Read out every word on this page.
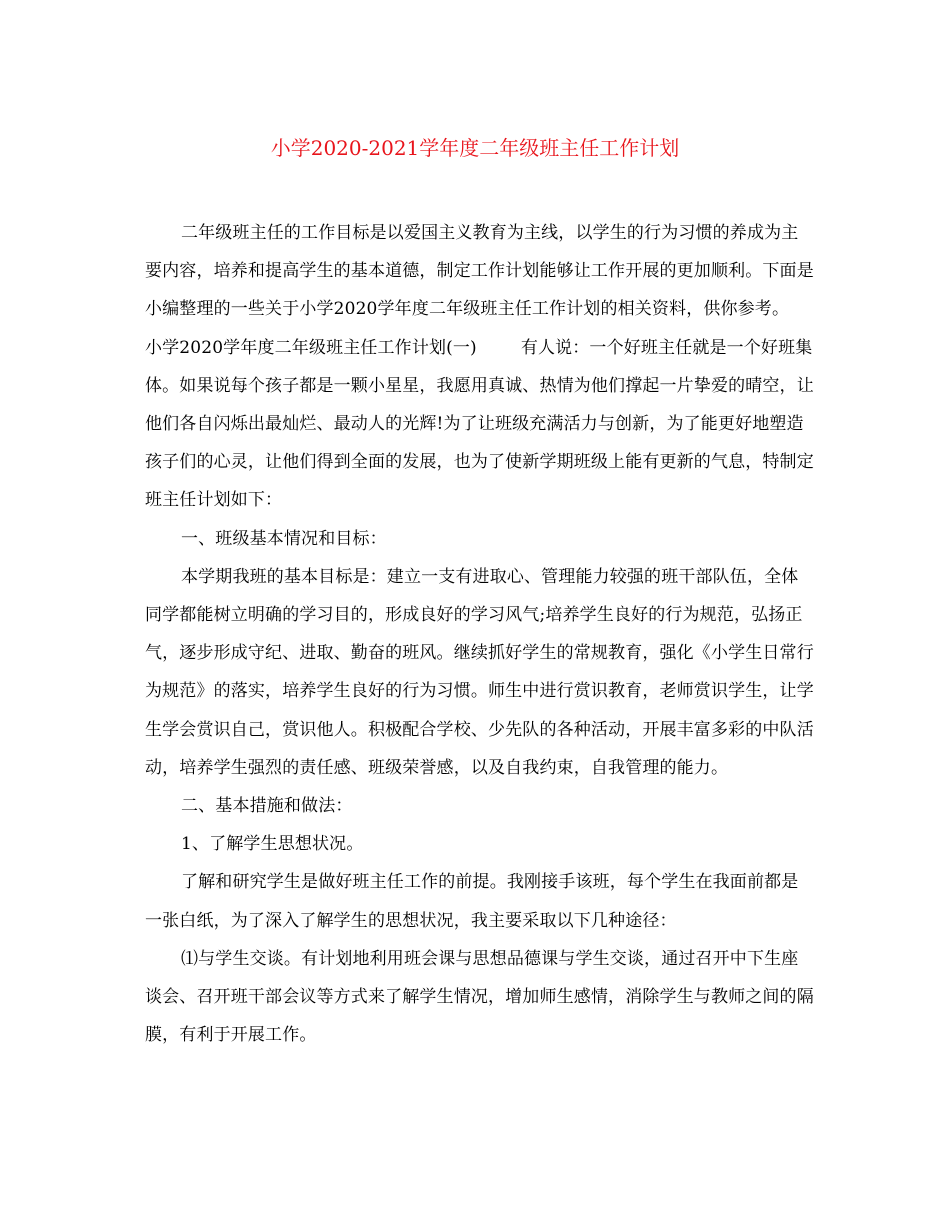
小学2020-2021学年度二年级班主任工作计划

二年级班主任的工作目标是以爱国主义教育为主线，以学生的行为习惯的养成为主要内容，培养和提高学生的基本道德，制定工作计划能够让工作开展的更加顺利。下面是小编整理的一些关于小学2020学年度二年级班主任工作计划的相关资料，供你参考。

小学2020学年度二年级班主任工作计划(一)	有人说：一个好班主任就是一个好班集体。如果说每个孩子都是一颗小星星，我愿用真诚、热情为他们撑起一片挚爱的晴空，让他们各自闪烁出最灿烂、最动人的光辉!为了让班级充满活力与创新，为了能更好地塑造孩子们的心灵，让他们得到全面的发展，也为了使新学期班级上能有更新的气息，特制定班主任计划如下：

一、班级基本情况和目标：

本学期我班的基本目标是：建立一支有进取心、管理能力较强的班干部队伍，全体同学都能树立明确的学习目的，形成良好的学习风气;培养学生良好的行为规范，弘扬正气，逐步形成守纪、进取、勤奋的班风。继续抓好学生的常规教育，强化《小学生日常行为规范》的落实，培养学生良好的行为习惯。师生中进行赏识教育，老师赏识学生，让学生学会赏识自己，赏识他人。积极配合学校、少先队的各种活动，开展丰富多彩的中队活动，培养学生强烈的责任感、班级荣誉感，以及自我约束，自我管理的能力。

二、基本措施和做法：

1、了解学生思想状况。

了解和研究学生是做好班主任工作的前提。我刚接手该班，每个学生在我面前都是一张白纸，为了深入了解学生的思想状况，我主要采取以下几种途径：

⑴与学生交谈。有计划地利用班会课与思想品德课与学生交谈，通过召开中下生座谈会、召开班干部会议等方式来了解学生情况，增加师生感情，消除学生与教师之间的隔膜，有利于开展工作。
